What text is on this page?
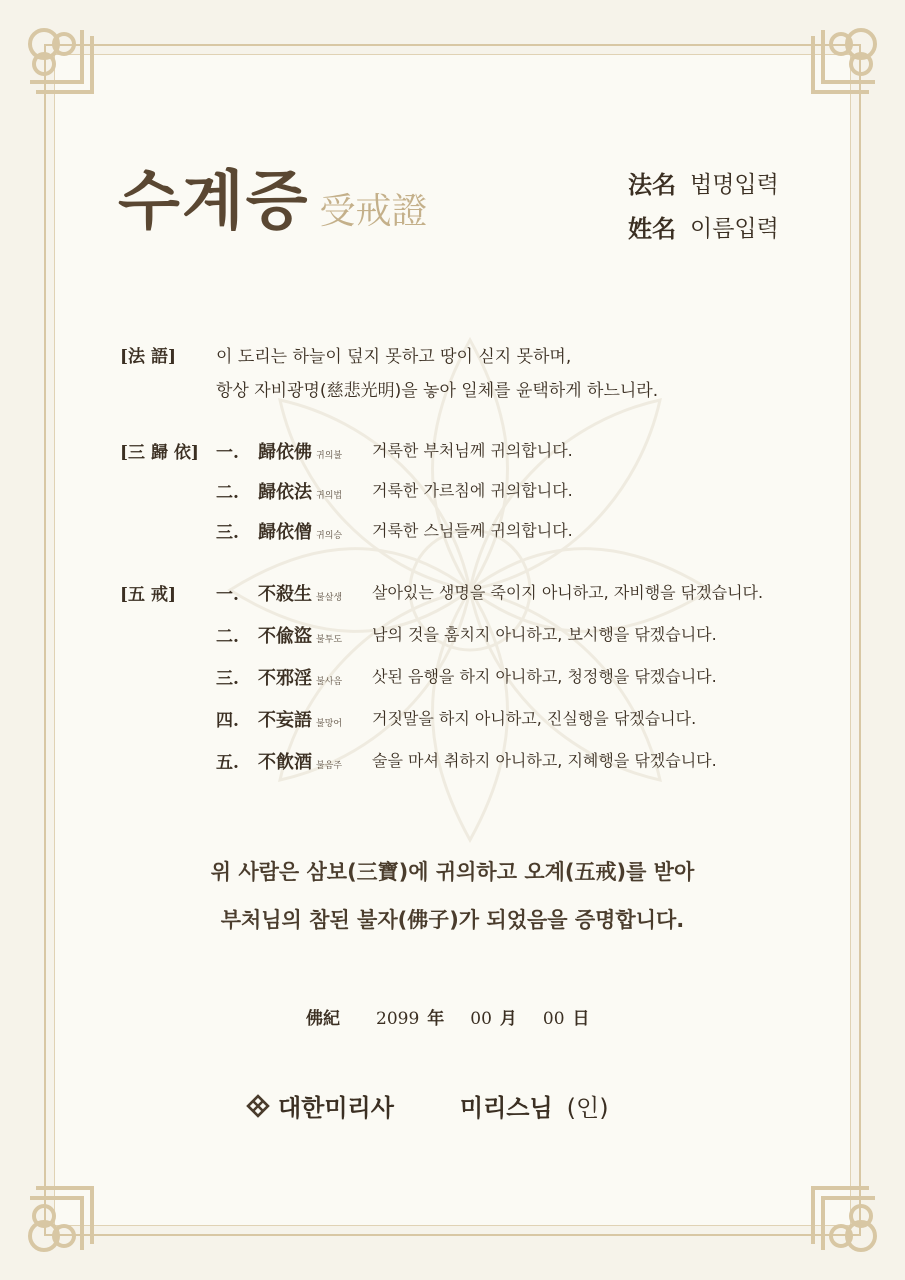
수계증 受戒證
法名 법명입력
姓名 이름입력
[法 語] 이 도리는 하늘이 덮지 못하고 땅이 싣지 못하며,
항상 자비광명(慈悲光明)을 놓아 일체를 윤택하게 하느니라.
[三 歸 依] 一.	歸依佛 귀의불 거룩한 부처님께 귀의합니다.
二.	歸依法 귀의법 거룩한 가르침에 귀의합니다.
三.	歸依僧 귀의승 거룩한 스님들께 귀의합니다.
[五 戒] 一.	不殺生 불살생 살아있는 생명을 죽이지 아니하고, 자비행을 닦겠습니다.
二.	不偸盜 불투도 남의 것을 훔치지 아니하고, 보시행을 닦겠습니다.
三.	不邪淫 불사음 삿된 음행을 하지 아니하고, 청정행을 닦겠습니다.
四.	不妄語 불망어 거짓말을 하지 아니하고, 진실행을 닦겠습니다.
五.	不飮酒 불음주 술을 마셔 취하지 아니하고, 지혜행을 닦겠습니다.
위 사람은 삼보(三寶)에 귀의하고 오계(五戒)를 받아
부처님의 참된 불자(佛子)가 되었음을 증명합니다.
佛紀	2099 年 00 月 00 日
대한미리사	미리스님 (인)
